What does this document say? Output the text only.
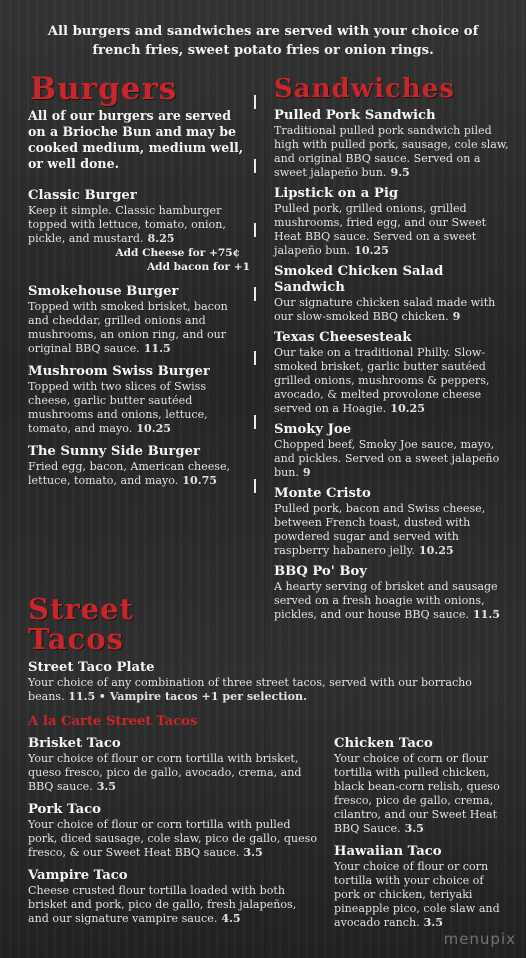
All burgers and sandwiches are served with your choice of
french fries, sweet potato fries or onion rings.
Burgers
All of our burgers are served on a Brioche Bun and may be cooked medium, medium well, or well done.
Classic Burger
Keep it simple. Classic hamburger topped with lettuce, tomato, onion, pickle, and mustard. 8.25
Add Cheese for +75¢
Add bacon for +1
Smokehouse Burger
Topped with smoked brisket, bacon and cheddar, grilled onions and mushrooms, an onion ring, and our original BBQ sauce. 11.5
Mushroom Swiss Burger
Topped with two slices of Swiss cheese, garlic butter sautéed mushrooms and onions, lettuce, tomato, and mayo. 10.25
The Sunny Side Burger
Fried egg, bacon, American cheese, lettuce, tomato, and mayo. 10.75
Sandwiches
Pulled Pork Sandwich
Traditional pulled pork sandwich piled high with pulled pork, sausage, cole slaw, and original BBQ sauce. Served on a sweet jalapeño bun. 9.5
Lipstick on a Pig
Pulled pork, grilled onions, grilled mushrooms, fried egg, and our Sweet Heat BBQ sauce. Served on a sweet jalapeño bun. 10.25
Smoked Chicken Salad Sandwich
Our signature chicken salad made with our slow-smoked BBQ chicken. 9
Texas Cheesesteak
Our take on a traditional Philly. Slow-smoked brisket, garlic butter sautéed grilled onions, mushrooms & peppers, avocado, & melted provolone cheese served on a Hoagie. 10.25
Smoky Joe
Chopped beef, Smoky Joe sauce, mayo, and pickles. Served on a sweet jalapeño bun. 9
Monte Cristo
Pulled pork, bacon and Swiss cheese, between French toast, dusted with powdered sugar and served with raspberry habanero jelly. 10.25
BBQ Po' Boy
A hearty serving of brisket and sausage served on a fresh hoagie with onions, pickles, and our house BBQ sauce. 11.5
Street
Tacos
Street Taco Plate
Your choice of any combination of three street tacos, served with our borracho beans. 11.5 • Vampire tacos +1 per selection.
A la Carte Street Tacos
Brisket Taco
Your choice of flour or corn tortilla with brisket, queso fresco, pico de gallo, avocado, crema, and BBQ sauce. 3.5
Pork Taco
Your choice of flour or corn tortilla with pulled pork, diced sausage, cole slaw, pico de gallo, queso fresco, & our Sweet Heat BBQ sauce. 3.5
Vampire Taco
Cheese crusted flour tortilla loaded with both brisket and pork, pico de gallo, fresh jalapeños, and our signature vampire sauce. 4.5
Chicken Taco
Your choice of corn or flour tortilla with pulled chicken, black bean-corn relish, queso fresco, pico de gallo, crema, cilantro, and our Sweet Heat BBQ Sauce. 3.5
Hawaiian Taco
Your choice of flour or corn tortilla with your choice of pork or chicken, teriyaki pineapple pico, cole slaw and avocado ranch. 3.5
menupix
